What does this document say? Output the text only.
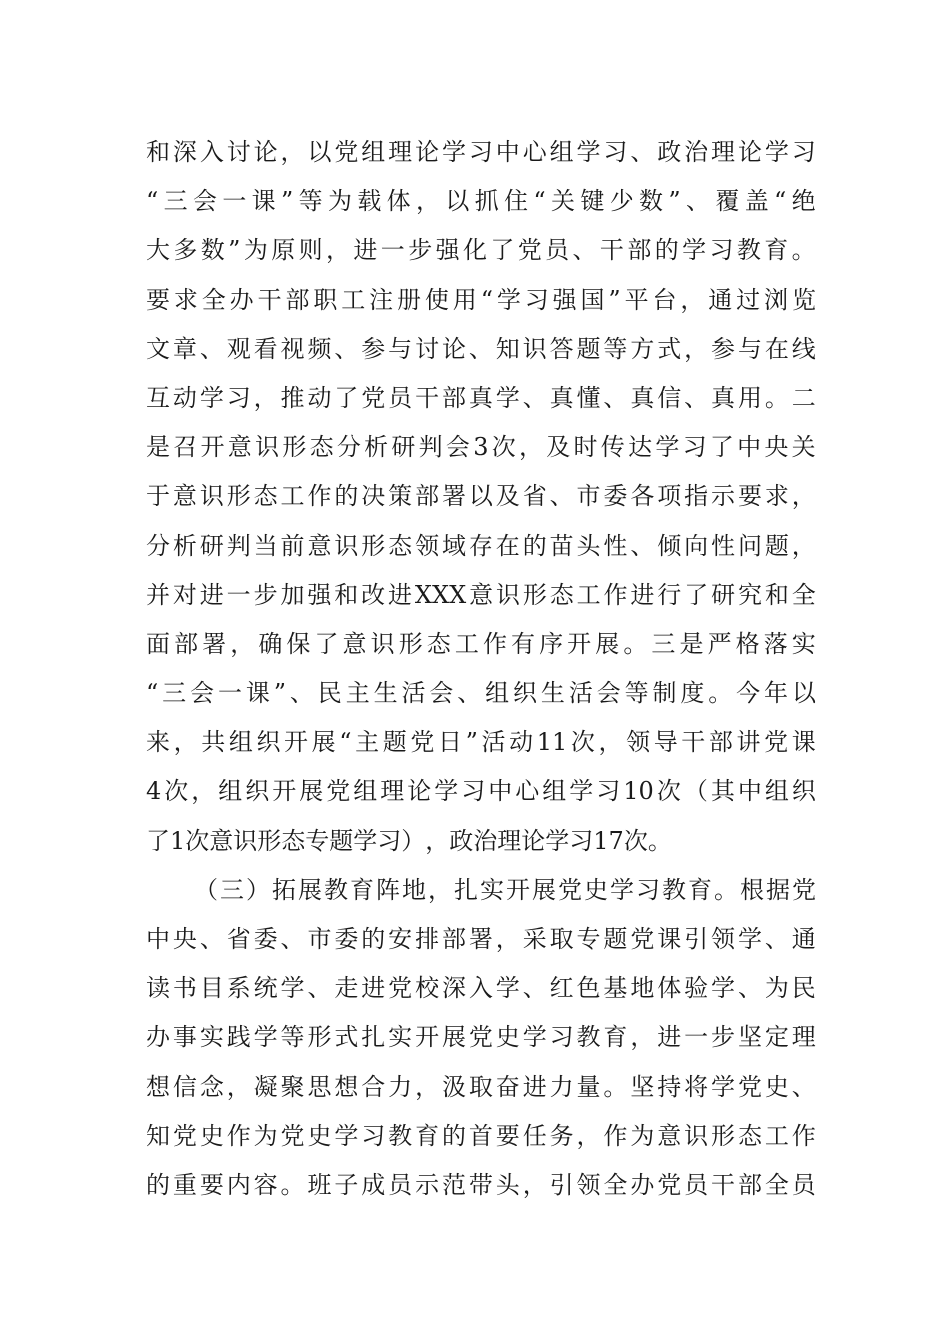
和 深 入 讨 论 ， 以 党 组 理 论 学 习 中 心 组 学 习 、 政 治 理 论 学 习
“ 三 会 一 课 ” 等 为 载 体 ， 以 抓 住 “ 关 键 少 数 ” 、 覆 盖 “ 绝
大 多 数 ” 为 原 则 ， 进 一 步 强 化 了 党 员 、 干 部 的 学 习 教 育 。
要 求 全 办 干 部 职 工 注 册 使 用 “ 学 习 强 国 ” 平 台 ， 通 过 浏 览
文 章 、 观 看 视 频 、 参 与 讨 论 、 知 识 答 题 等 方 式 ， 参 与 在 线
互 动 学 习 ， 推 动 了 党 员 干 部 真 学 、 真 懂 、 真 信 、 真 用 。 二
是 召 开 意 识 形 态 分 析 研 判 会 3 次 ， 及 时 传 达 学 习 了 中 央 关
于 意 识 形 态 工 作 的 决 策 部 署 以 及 省 、 市 委 各 项 指 示 要 求 ，
分 析 研 判 当 前 意 识 形 态 领 域 存 在 的 苗 头 性 、 倾 向 性 问 题 ，
并 对 进 一 步 加 强 和 改 进 XXX 意 识 形 态 工 作 进 行 了 研 究 和 全
面 部 署 ， 确 保 了 意 识 形 态 工 作 有 序 开 展 。 三 是 严 格 落 实
“ 三 会 一 课 ” 、 民 主 生 活 会 、 组 织 生 活 会 等 制 度 。 今 年 以
来 ， 共 组 织 开 展 “ 主 题 党 日 ” 活 动 11 次 ， 领 导 干 部 讲 党 课
4 次 ， 组 织 开 展 党 组 理 论 学 习 中 心 组 学 习 10 次 （ 其 中 组 织
了 1 次 意 识 形 态 专 题 学 习 ） ， 政 治 理 论 学 习 17 次 。
（ 三 ） 拓 展 教 育 阵 地 ， 扎 实 开 展 党 史 学 习 教 育 。 根 据 党
中 央 、 省 委 、 市 委 的 安 排 部 署 ， 采 取 专 题 党 课 引 领 学 、 通
读 书 目 系 统 学 、 走 进 党 校 深 入 学 、 红 色 基 地 体 验 学 、 为 民
办 事 实 践 学 等 形 式 扎 实 开 展 党 史 学 习 教 育 ， 进 一 步 坚 定 理
想 信 念 ， 凝 聚 思 想 合 力 ， 汲 取 奋 进 力 量 。 坚 持 将 学 党 史 、
知 党 史 作 为 党 史 学 习 教 育 的 首 要 任 务 ， 作 为 意 识 形 态 工 作
的 重 要 内 容 。 班 子 成 员 示 范 带 头 ， 引 领 全 办 党 员 干 部 全 员
